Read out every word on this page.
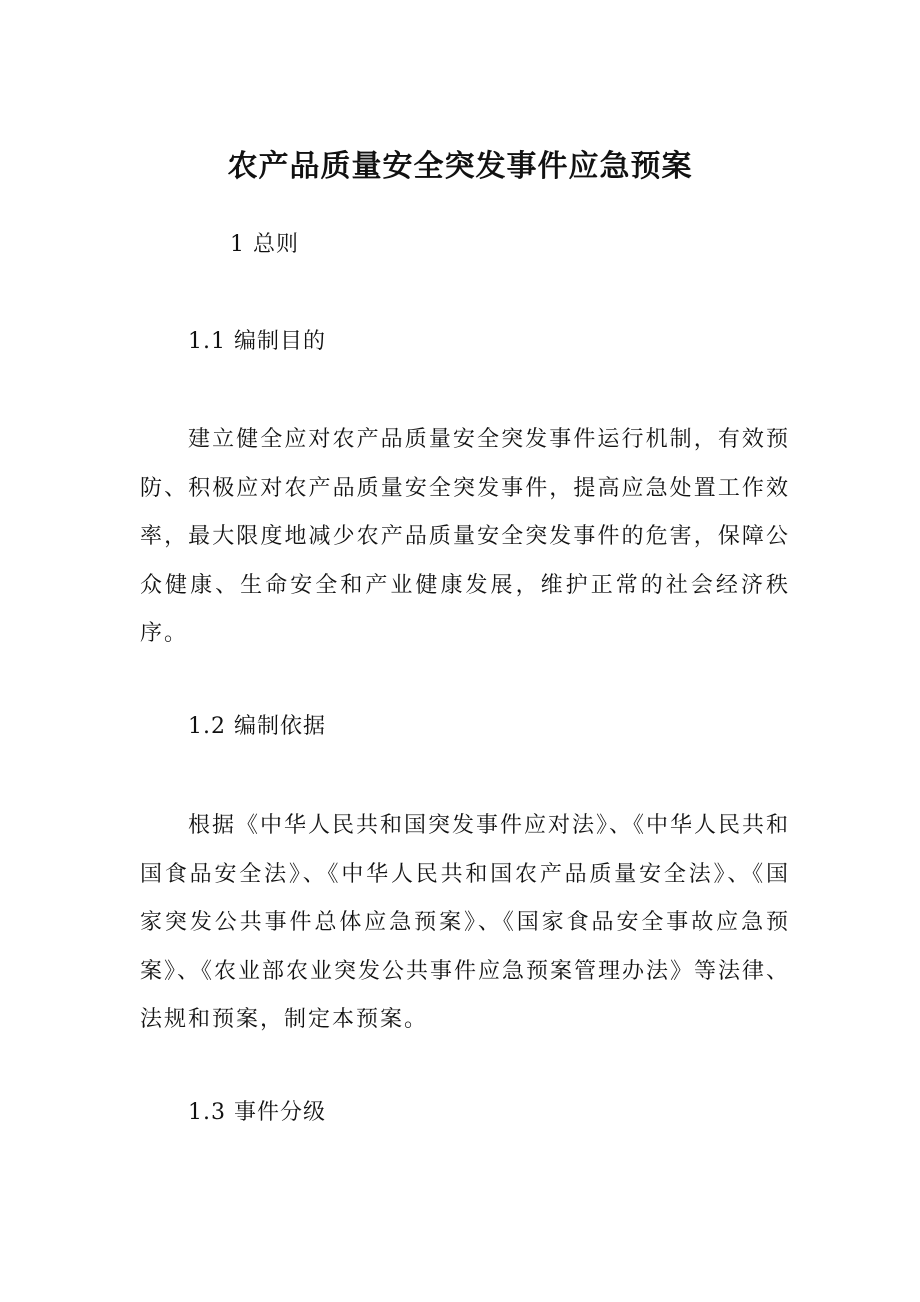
农产品质量安全突发事件应急预案

1 总则

1.1 编制目的

建立健全应对农产品质量安全突发事件运行机制，有效预防、积极应对农产品质量安全突发事件，提高应急处置工作效率，最大限度地减少农产品质量安全突发事件的危害，保障公众健康、生命安全和产业健康发展，维护正常的社会经济秩序。

1.2 编制依据

根据《中华人民共和国突发事件应对法》、《中华人民共和国食品安全法》、《中华人民共和国农产品质量安全法》、《国家突发公共事件总体应急预案》、《国家食品安全事故应急预案》、《农业部农业突发公共事件应急预案管理办法》等法律、法规和预案，制定本预案。

1.3 事件分级
